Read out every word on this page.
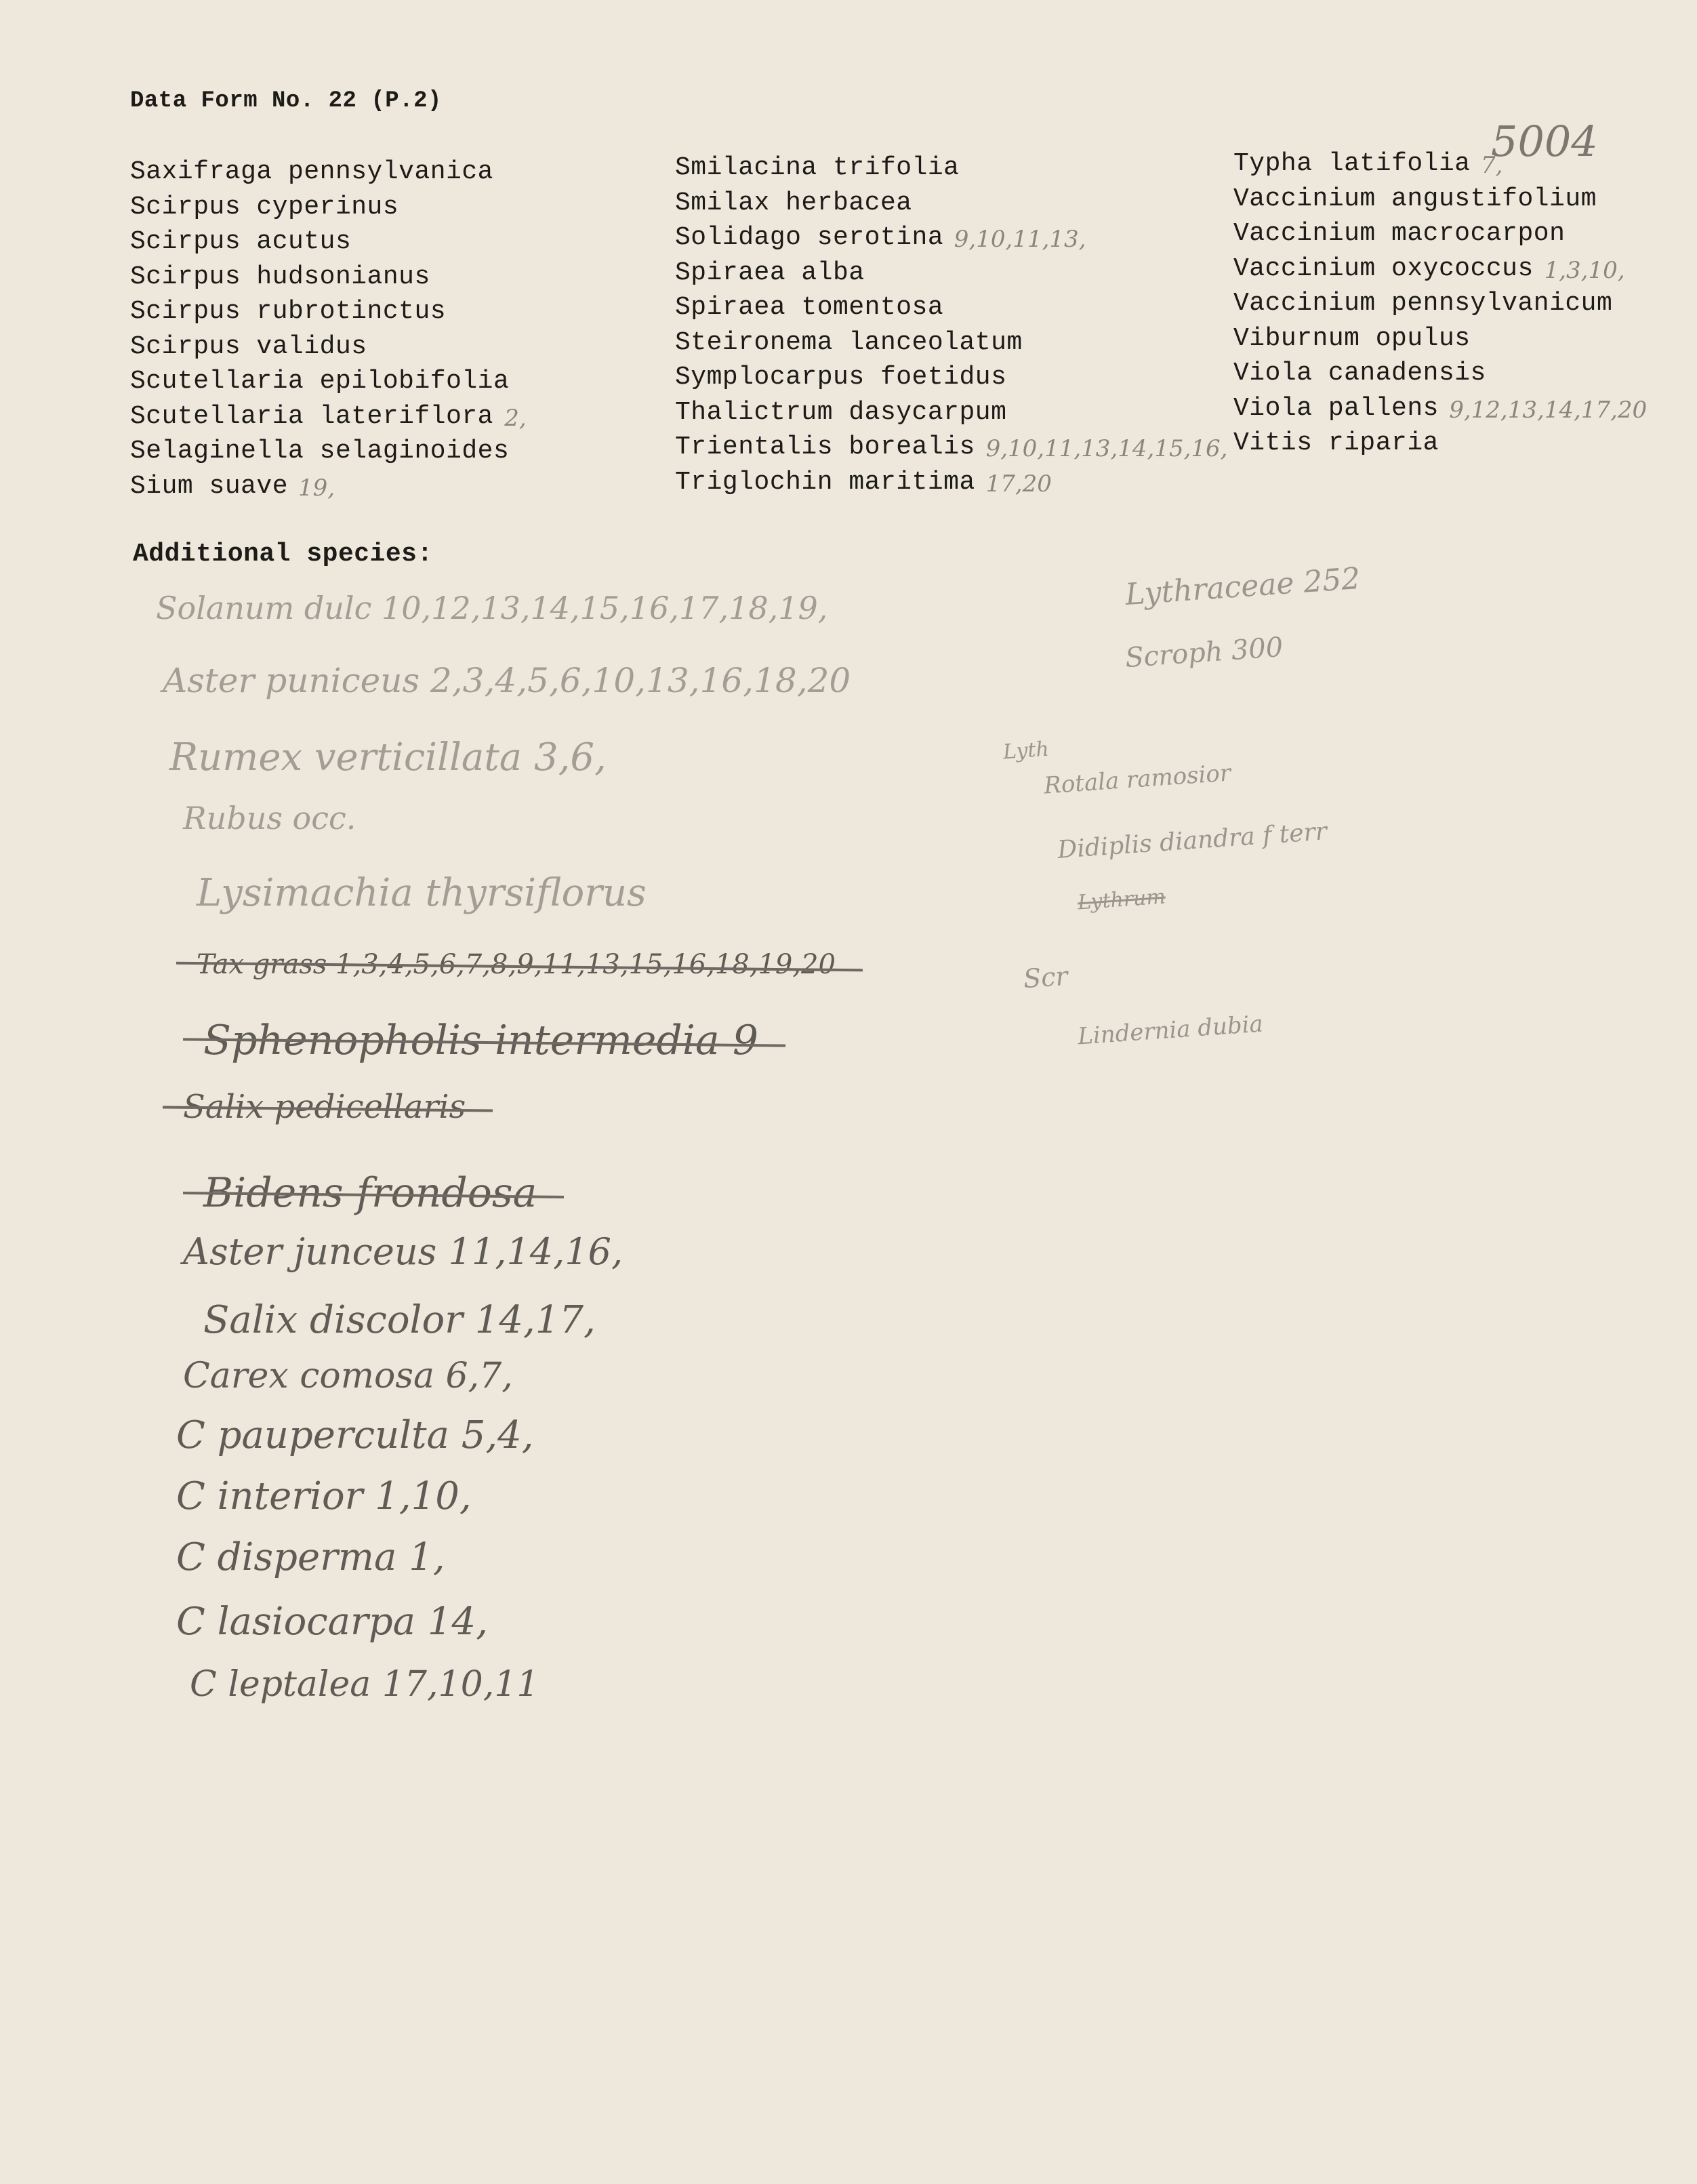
Data Form No. 22 (P.2)
5004
Saxifraga pennsylvanica
Scirpus cyperinus
Scirpus acutus
Scirpus hudsonianus
Scirpus rubrotinctus
Scirpus validus
Scutellaria epilobifolia
Scutellaria lateriflora 2,
Selaginella selaginoides
Sium suave 19,
Smilacina trifolia
Smilax herbacea
Solidago serotina 9,10,11,13,
Spiraea alba
Spiraea tomentosa
Steironema lanceolatum
Symplocarpus foetidus
Thalictrum dasycarpum
Trientalis borealis 9,10,11,13,14,15,16,
Triglochin maritima 17,20
Typha latifolia 7,
Vaccinium angustifolium
Vaccinium macrocarpon
Vaccinium oxycoccus 1,3,10,
Vaccinium pennsylvanicum
Viburnum opulus
Viola canadensis
Viola pallens 9,12,13,14,17,20
Vitis riparia
Additional species:
Solanum dulc 10,12,13,14,15,16,17,18,19,
Aster puniceus 2,3,4,5,6,10,13,16,18,20
Rumex verticillata 3,6,
Rubus occ.
Lysimachia thyrsiflorus
Tax grass 1,3,4,5,6,7,8,9,11,13,15,16,18,19,20
Sphenopholis intermedia 9
Salix pedicellaris
Bidens frondosa
Aster junceus 11,14,16,
Salix discolor 14,17,
Carex comosa 6,7,
C pauperculta 5,4,
C interior 1,10,
C disperma 1,
C lasiocarpa 14,
C leptalea 17,10,11
Lythraceae 252
Scroph 300
Lyth
Rotala ramosior
Didiplis diandra f terr
Lythrum
Scr
Lindernia dubia
